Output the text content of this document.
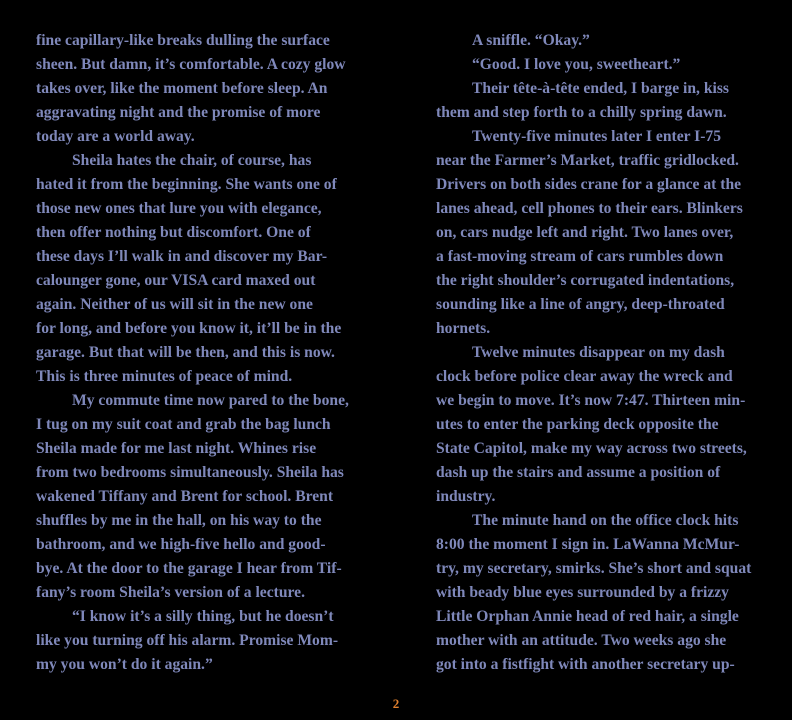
fine capillary-like breaks dulling the surface
sheen. But damn, it’s comfortable. A cozy glow
takes over, like the moment before sleep. An
aggravating night and the promise of more
today are a world away.
Sheila hates the chair, of course, has
hated it from the beginning. She wants one of
those new ones that lure you with elegance,
then offer nothing but discomfort. One of
these days I’ll walk in and discover my Bar-
calounger gone, our VISA card maxed out
again. Neither of us will sit in the new one
for long, and before you know it, it’ll be in the
garage. But that will be then, and this is now.
This is three minutes of peace of mind.
My commute time now pared to the bone,
I tug on my suit coat and grab the bag lunch
Sheila made for me last night. Whines rise
from two bedrooms simultaneously. Sheila has
wakened Tiffany and Brent for school. Brent
shuffles by me in the hall, on his way to the
bathroom, and we high-five hello and good-
bye. At the door to the garage I hear from Tif-
fany’s room Sheila’s version of a lecture.
“I know it’s a silly thing, but he doesn’t
like you turning off his alarm. Promise Mom-
my you won’t do it again.”
A sniffle. “Okay.”
“Good. I love you, sweetheart.”
Their tête-à-tête ended, I barge in, kiss
them and step forth to a chilly spring dawn.
Twenty-five minutes later I enter I-75
near the Farmer’s Market, traffic gridlocked.
Drivers on both sides crane for a glance at the
lanes ahead, cell phones to their ears. Blinkers
on, cars nudge left and right. Two lanes over,
a fast-moving stream of cars rumbles down
the right shoulder’s corrugated indentations,
sounding like a line of angry, deep-throated
hornets.
Twelve minutes disappear on my dash
clock before police clear away the wreck and
we begin to move. It’s now 7:47. Thirteen min-
utes to enter the parking deck opposite the
State Capitol, make my way across two streets,
dash up the stairs and assume a position of
industry.
The minute hand on the office clock hits
8:00 the moment I sign in. LaWanna McMur-
try, my secretary, smirks. She’s short and squat
with beady blue eyes surrounded by a frizzy
Little Orphan Annie head of red hair, a single
mother with an attitude. Two weeks ago she
got into a fistfight with another secretary up-
2
